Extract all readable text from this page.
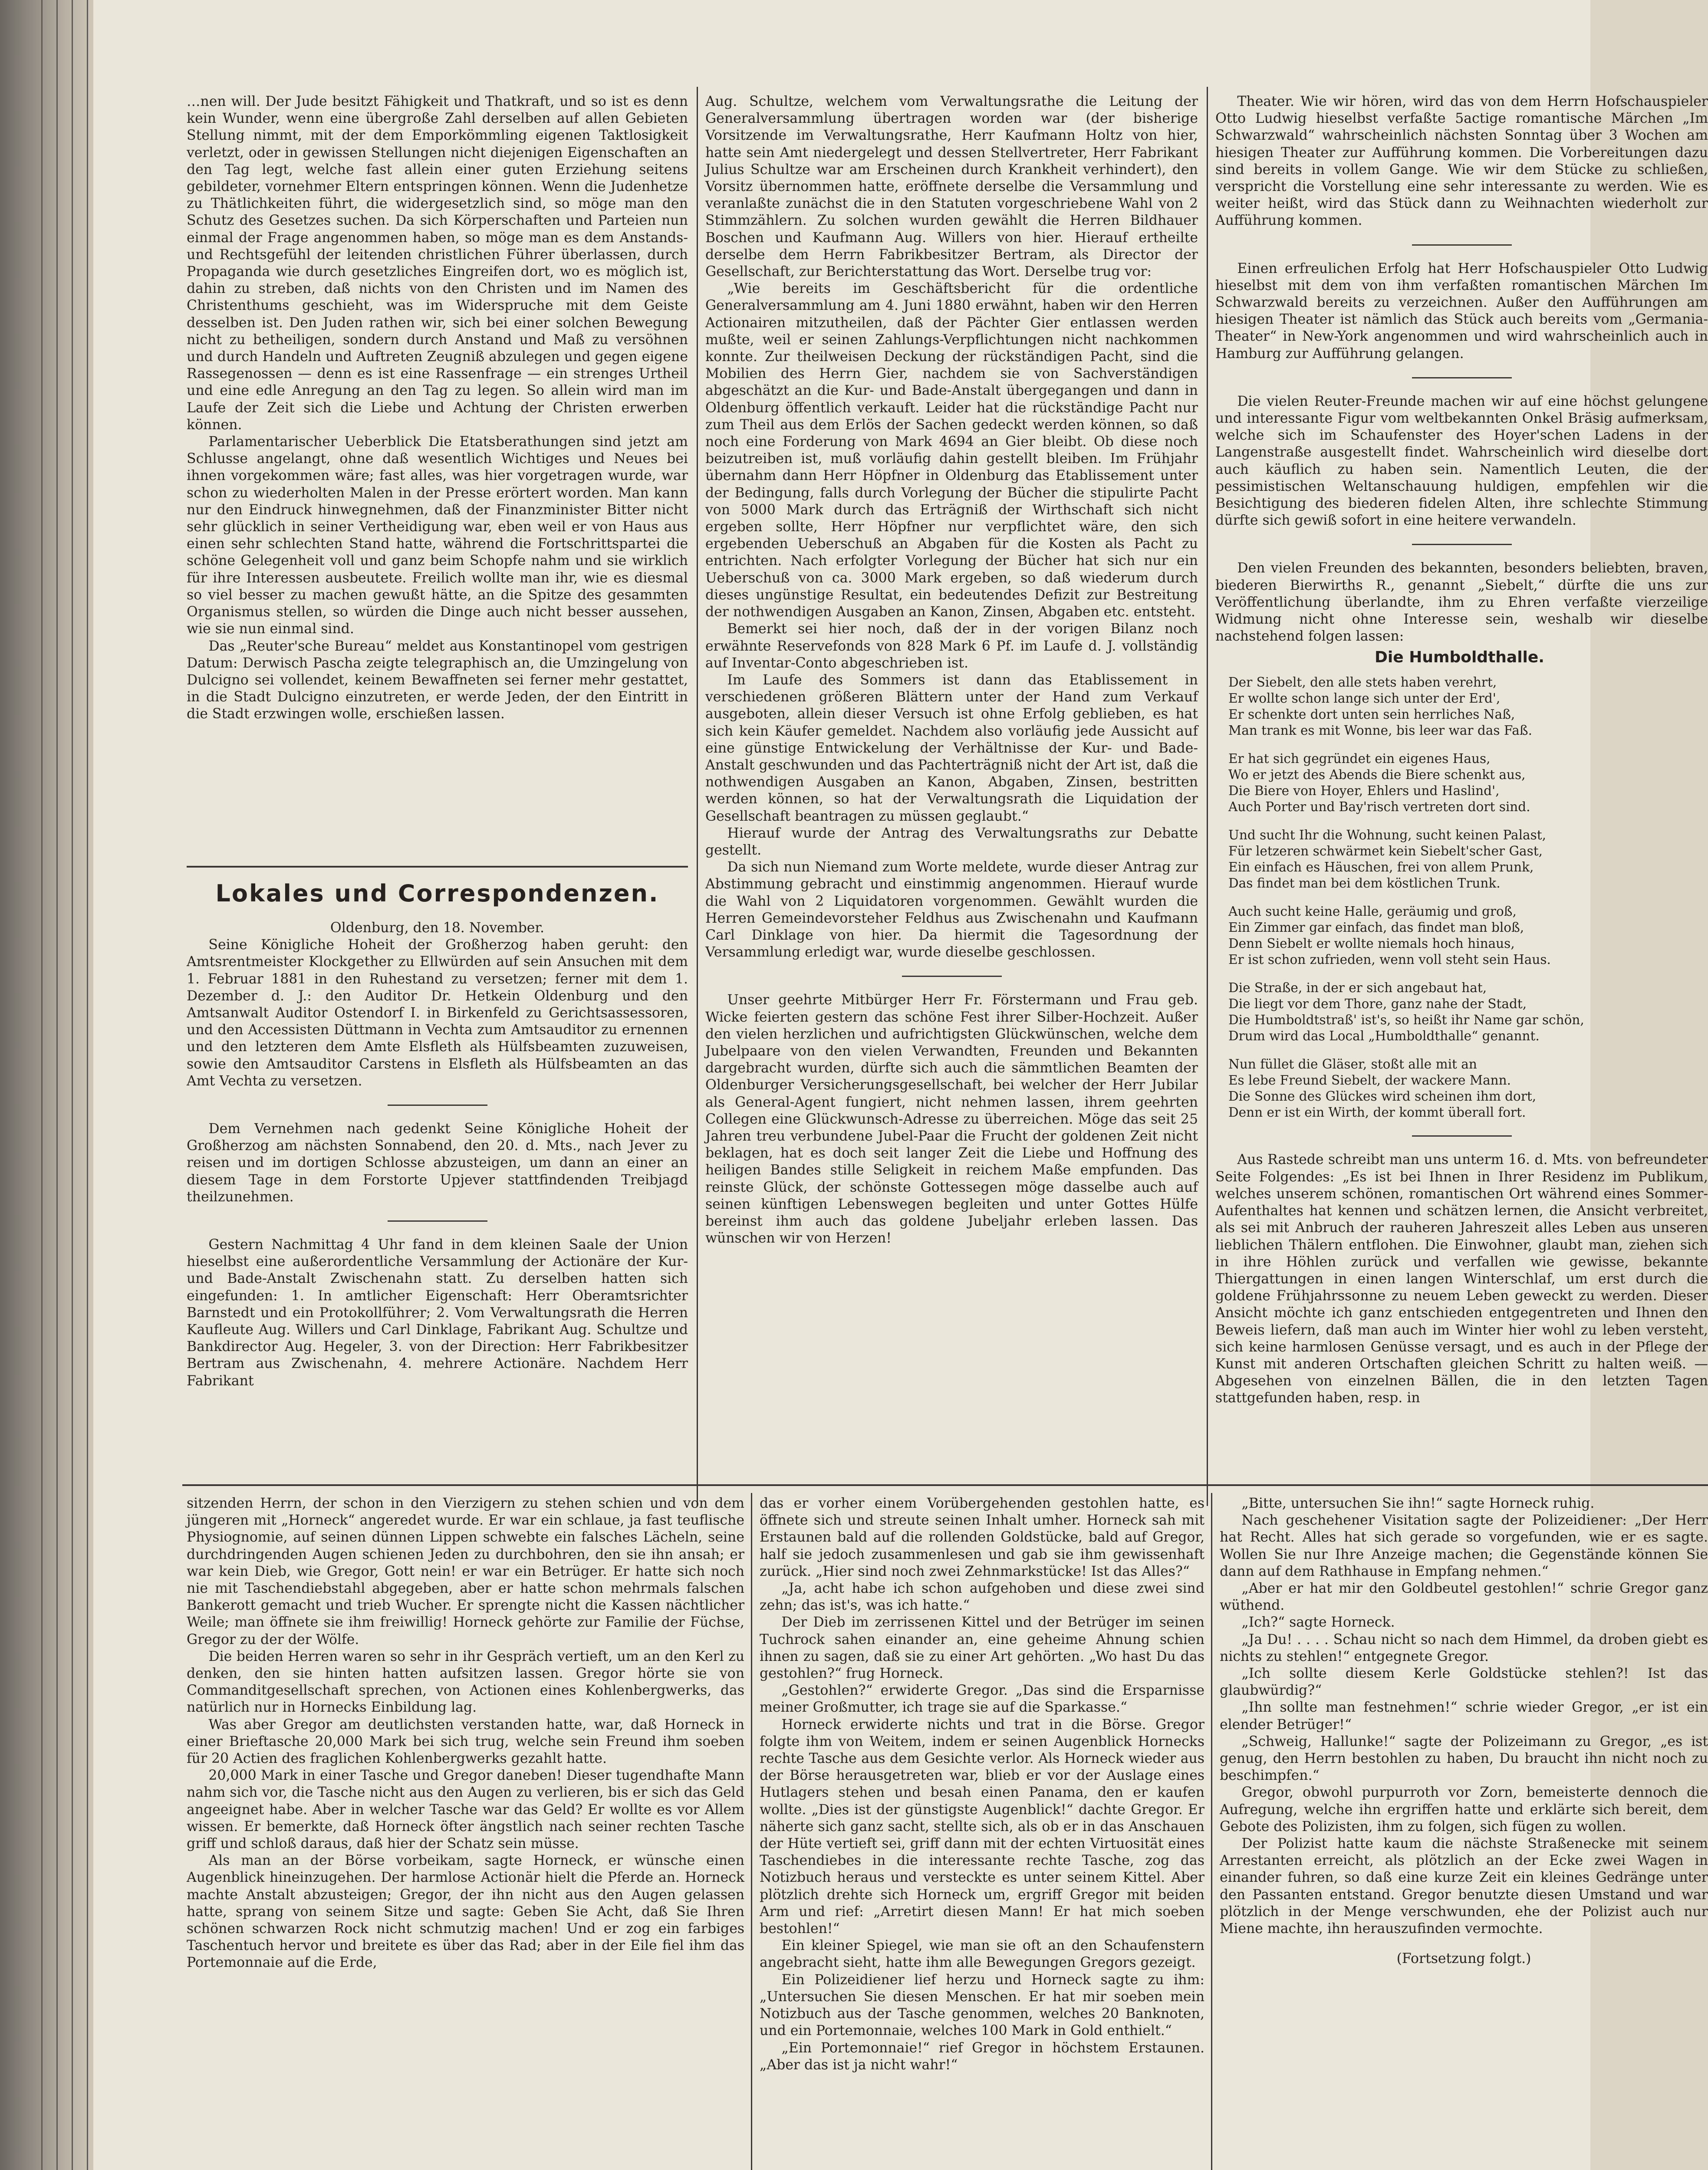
…nen will. Der Jude besitzt Fähigkeit und Thatkraft, und so ist es denn kein Wunder, wenn eine übergroße Zahl derselben auf allen Gebieten Stellung nimmt, mit der dem Emporkömmling eigenen Taktlosigkeit verletzt, oder in gewissen Stellungen nicht diejenigen Eigenschaften an den Tag legt, welche fast allein einer guten Erziehung seitens gebildeter, vornehmer Eltern entspringen können. Wenn die Judenhetze zu Thätlichkeiten führt, die widergesetzlich sind, so möge man den Schutz des Gesetzes suchen. Da sich Körperschaften und Parteien nun einmal der Frage angenommen haben, so möge man es dem Anstands- und Rechtsgefühl der leitenden christlichen Führer überlassen, durch Propaganda wie durch gesetzliches Eingreifen dort, wo es möglich ist, dahin zu streben, daß nichts von den Christen und im Namen des Christenthums geschieht, was im Widerspruche mit dem Geiste desselben ist. Den Juden rathen wir, sich bei einer solchen Bewegung nicht zu betheiligen, sondern durch Anstand und Maß zu versöhnen und durch Handeln und Auftreten Zeugniß abzulegen und gegen eigene Rassegenossen — denn es ist eine Rassenfrage — ein strenges Urtheil und eine edle Anregung an den Tag zu legen. So allein wird man im Laufe der Zeit sich die Liebe und Achtung der Christen erwerben können.

Parlamentarischer Ueberblick Die Etatsberathungen sind jetzt am Schlusse angelangt, ohne daß wesentlich Wichtiges und Neues bei ihnen vorgekommen wäre; fast alles, was hier vorgetragen wurde, war schon zu wiederholten Malen in der Presse erörtert worden. Man kann nur den Eindruck hinwegnehmen, daß der Finanzminister Bitter nicht sehr glücklich in seiner Vertheidigung war, eben weil er von Haus aus einen sehr schlechten Stand hatte, während die Fortschrittspartei die schöne Gelegenheit voll und ganz beim Schopfe nahm und sie wirklich für ihre Interessen ausbeutete. Freilich wollte man ihr, wie es diesmal so viel besser zu machen gewußt hätte, an die Spitze des gesammten Organismus stellen, so würden die Dinge auch nicht besser aussehen, wie sie nun einmal sind.

Das „Reuter'sche Bureau“ meldet aus Konstantinopel vom gestrigen Datum: Derwisch Pascha zeigte telegraphisch an, die Umzingelung von Dulcigno sei vollendet, keinem Bewaffneten sei ferner mehr gestattet, in die Stadt Dulcigno einzutreten, er werde Jeden, der den Eintritt in die Stadt erzwingen wolle, erschießen lassen.

Lokales und Correspondenzen.

Oldenburg, den 18. November.

Seine Königliche Hoheit der Großherzog haben geruht: den Amtsrentmeister Klockgether zu Ellwürden auf sein Ansuchen mit dem 1. Februar 1881 in den Ruhestand zu versetzen; ferner mit dem 1. Dezember d. J.: den Auditor Dr. Hetkein Oldenburg und den Amtsanwalt Auditor Ostendorf I. in Birkenfeld zu Gerichtsassessoren, und den Accessisten Düttmann in Vechta zum Amtsauditor zu ernennen und den letzteren dem Amte Elsfleth als Hülfsbeamten zuzuweisen, sowie den Amtsauditor Carstens in Elsfleth als Hülfsbeamten an das Amt Vechta zu versetzen.

Dem Vernehmen nach gedenkt Seine Königliche Hoheit der Großherzog am nächsten Sonnabend, den 20. d. Mts., nach Jever zu reisen und im dortigen Schlosse abzusteigen, um dann an einer an diesem Tage in dem Forstorte Upjever stattfindenden Treibjagd theilzunehmen.

Gestern Nachmittag 4 Uhr fand in dem kleinen Saale der Union hieselbst eine außerordentliche Versammlung der Actionäre der Kur- und Bade-Anstalt Zwischenahn statt. Zu derselben hatten sich eingefunden: 1. In amtlicher Eigenschaft: Herr Oberamtsrichter Barnstedt und ein Protokollführer; 2. Vom Verwaltungsrath die Herren Kaufleute Aug. Willers und Carl Dinklage, Fabrikant Aug. Schultze und Bankdirector Aug. Hegeler, 3. von der Direction: Herr Fabrikbesitzer Bertram aus Zwischenahn, 4. mehrere Actionäre. Nachdem Herr Fabrikant

Aug. Schultze, welchem vom Verwaltungsrathe die Leitung der Generalversammlung übertragen worden war (der bisherige Vorsitzende im Verwaltungsrathe, Herr Kaufmann Holtz von hier, hatte sein Amt niedergelegt und dessen Stellvertreter, Herr Fabrikant Julius Schultze war am Erscheinen durch Krankheit verhindert), den Vorsitz übernommen hatte, eröffnete derselbe die Versammlung und veranlaßte zunächst die in den Statuten vorgeschriebene Wahl von 2 Stimmzählern. Zu solchen wurden gewählt die Herren Bildhauer Boschen und Kaufmann Aug. Willers von hier. Hierauf ertheilte derselbe dem Herrn Fabrikbesitzer Bertram, als Director der Gesellschaft, zur Berichterstattung das Wort. Derselbe trug vor:

„Wie bereits im Geschäftsbericht für die ordentliche Generalversammlung am 4. Juni 1880 erwähnt, haben wir den Herren Actionairen mitzutheilen, daß der Pächter Gier entlassen werden mußte, weil er seinen Zahlungs-Verpflichtungen nicht nachkommen konnte. Zur theilweisen Deckung der rückständigen Pacht, sind die Mobilien des Herrn Gier, nachdem sie von Sachverständigen abgeschätzt an die Kur- und Bade-Anstalt übergegangen und dann in Oldenburg öffentlich verkauft. Leider hat die rückständige Pacht nur zum Theil aus dem Erlös der Sachen gedeckt werden können, so daß noch eine Forderung von Mark 4694 an Gier bleibt. Ob diese noch beizutreiben ist, muß vorläufig dahin gestellt bleiben. Im Frühjahr übernahm dann Herr Höpfner in Oldenburg das Etablissement unter der Bedingung, falls durch Vorlegung der Bücher die stipulirte Pacht von 5000 Mark durch das Erträgniß der Wirthschaft sich nicht ergeben sollte, Herr Höpfner nur verpflichtet wäre, den sich ergebenden Ueberschuß an Abgaben für die Kosten als Pacht zu entrichten. Nach erfolgter Vorlegung der Bücher hat sich nur ein Ueberschuß von ca. 3000 Mark ergeben, so daß wiederum durch dieses ungünstige Resultat, ein bedeutendes Defizit zur Bestreitung der nothwendigen Ausgaben an Kanon, Zinsen, Abgaben etc. entsteht.

Bemerkt sei hier noch, daß der in der vorigen Bilanz noch erwähnte Reservefonds von 828 Mark 6 Pf. im Laufe d. J. vollständig auf Inventar-Conto abgeschrieben ist.

Im Laufe des Sommers ist dann das Etablissement in verschiedenen größeren Blättern unter der Hand zum Verkauf ausgeboten, allein dieser Versuch ist ohne Erfolg geblieben, es hat sich kein Käufer gemeldet. Nachdem also vorläufig jede Aussicht auf eine günstige Entwickelung der Verhältnisse der Kur- und Bade-Anstalt geschwunden und das Pachterträgniß nicht der Art ist, daß die nothwendigen Ausgaben an Kanon, Abgaben, Zinsen, bestritten werden können, so hat der Verwaltungsrath die Liquidation der Gesellschaft beantragen zu müssen geglaubt.“

Hierauf wurde der Antrag des Verwaltungsraths zur Debatte gestellt.

Da sich nun Niemand zum Worte meldete, wurde dieser Antrag zur Abstimmung gebracht und einstimmig angenommen. Hierauf wurde die Wahl von 2 Liquidatoren vorgenommen. Gewählt wurden die Herren Gemeindevorsteher Feldhus aus Zwischenahn und Kaufmann Carl Dinklage von hier. Da hiermit die Tagesordnung der Versammlung erledigt war, wurde dieselbe geschlossen.

Unser geehrte Mitbürger Herr Fr. Förstermann und Frau geb. Wicke feierten gestern das schöne Fest ihrer Silber-Hochzeit. Außer den vielen herzlichen und aufrichtigsten Glückwünschen, welche dem Jubelpaare von den vielen Verwandten, Freunden und Bekannten dargebracht wurden, dürfte sich auch die sämmtlichen Beamten der Oldenburger Versicherungsgesellschaft, bei welcher der Herr Jubilar als General-Agent fungiert, nicht nehmen lassen, ihrem geehrten Collegen eine Glückwunsch-Adresse zu überreichen. Möge das seit 25 Jahren treu verbundene Jubel-Paar die Frucht der goldenen Zeit nicht beklagen, hat es doch seit langer Zeit die Liebe und Hoffnung des heiligen Bandes stille Seligkeit in reichem Maße empfunden. Das reinste Glück, der schönste Gottessegen möge dasselbe auch auf seinen künftigen Lebenswegen begleiten und unter Gottes Hülfe bereinst ihm auch das goldene Jubeljahr erleben lassen. Das wünschen wir von Herzen!

Theater. Wie wir hören, wird das von dem Herrn Hofschauspieler Otto Ludwig hieselbst verfaßte 5actige romantische Märchen „Im Schwarzwald“ wahrscheinlich nächsten Sonntag über 3 Wochen am hiesigen Theater zur Aufführung kommen. Die Vorbereitungen dazu sind bereits in vollem Gange. Wie wir dem Stücke zu schließen, verspricht die Vorstellung eine sehr interessante zu werden. Wie es weiter heißt, wird das Stück dann zu Weihnachten wiederholt zur Aufführung kommen.

Einen erfreulichen Erfolg hat Herr Hofschauspieler Otto Ludwig hieselbst mit dem von ihm verfaßten romantischen Märchen Im Schwarzwald bereits zu verzeichnen. Außer den Aufführungen am hiesigen Theater ist nämlich das Stück auch bereits vom „Germania-Theater“ in New-York angenommen und wird wahrscheinlich auch in Hamburg zur Aufführung gelangen.

Die vielen Reuter-Freunde machen wir auf eine höchst gelungene und interessante Figur vom weltbekannten Onkel Bräsig aufmerksam, welche sich im Schaufenster des Hoyer'schen Ladens in der Langenstraße ausgestellt findet. Wahrscheinlich wird dieselbe dort auch käuflich zu haben sein. Namentlich Leuten, die der pessimistischen Weltanschauung huldigen, empfehlen wir die Besichtigung des biederen fidelen Alten, ihre schlechte Stimmung dürfte sich gewiß sofort in eine heitere verwandeln.

Den vielen Freunden des bekannten, besonders beliebten, braven, biederen Bierwirths R., genannt „Siebelt,“ dürfte die uns zur Veröffentlichung überlandte, ihm zu Ehren verfaßte vierzeilige Widmung nicht ohne Interesse sein, weshalb wir dieselbe nachstehend folgen lassen:

Die Humboldthalle.
Der Siebelt, den alle stets haben verehrt,
Er wollte schon lange sich unter der Erd',
Er schenkte dort unten sein herrliches Naß,
Man trank es mit Wonne, bis leer war das Faß.
Er hat sich gegründet ein eigenes Haus,
Wo er jetzt des Abends die Biere schenkt aus,
Die Biere von Hoyer, Ehlers und Haslind',
Auch Porter und Bay'risch vertreten dort sind.
Und sucht Ihr die Wohnung, sucht keinen Palast,
Für letzeren schwärmet kein Siebelt'scher Gast,
Ein einfach es Häuschen, frei von allem Prunk,
Das findet man bei dem köstlichen Trunk.
Auch sucht keine Halle, geräumig und groß,
Ein Zimmer gar einfach, das findet man bloß,
Denn Siebelt er wollte niemals hoch hinaus,
Er ist schon zufrieden, wenn voll steht sein Haus.
Die Straße, in der er sich angebaut hat,
Die liegt vor dem Thore, ganz nahe der Stadt,
Die Humboldtstraß' ist's, so heißt ihr Name gar schön,
Drum wird das Local „Humboldthalle“ genannt.
Nun füllet die Gläser, stoßt alle mit an
Es lebe Freund Siebelt, der wackere Mann.
Die Sonne des Glückes wird scheinen ihm dort,
Denn er ist ein Wirth, der kommt überall fort.

Aus Rastede schreibt man uns unterm 16. d. Mts. von befreundeter Seite Folgendes: „Es ist bei Ihnen in Ihrer Residenz im Publikum, welches unserem schönen, romantischen Ort während eines Sommer-Aufenthaltes hat kennen und schätzen lernen, die Ansicht verbreitet, als sei mit Anbruch der rauheren Jahreszeit alles Leben aus unseren lieblichen Thälern entflohen. Die Einwohner, glaubt man, ziehen sich in ihre Höhlen zurück und verfallen wie gewisse, bekannte Thiergattungen in einen langen Winterschlaf, um erst durch die goldene Frühjahrssonne zu neuem Leben geweckt zu werden. Dieser Ansicht möchte ich ganz entschieden entgegentreten und Ihnen den Beweis liefern, daß man auch im Winter hier wohl zu leben versteht, sich keine harmlosen Genüsse versagt, und es auch in der Pflege der Kunst mit anderen Ortschaften gleichen Schritt zu halten weiß. — Abgesehen von einzelnen Bällen, die in den letzten Tagen stattgefunden haben, resp. in

sitzenden Herrn, der schon in den Vierzigern zu stehen schien und von dem jüngeren mit „Horneck“ angeredet wurde. Er war ein schlaue, ja fast teuflische Physiognomie, auf seinen dünnen Lippen schwebte ein falsches Lächeln, seine durchdringenden Augen schienen Jeden zu durchbohren, den sie ihn ansah; er war kein Dieb, wie Gregor, Gott nein! er war ein Betrüger. Er hatte sich noch nie mit Taschendiebstahl abgegeben, aber er hatte schon mehrmals falschen Bankerott gemacht und trieb Wucher. Er sprengte nicht die Kassen nächtlicher Weile; man öffnete sie ihm freiwillig! Horneck gehörte zur Familie der Füchse, Gregor zu der der Wölfe.

Die beiden Herren waren so sehr in ihr Gespräch vertieft, um an den Kerl zu denken, den sie hinten hatten aufsitzen lassen. Gregor hörte sie von Commanditgesellschaft sprechen, von Actionen eines Kohlenbergwerks, das natürlich nur in Hornecks Einbildung lag.

Was aber Gregor am deutlichsten verstanden hatte, war, daß Horneck in einer Brieftasche 20,000 Mark bei sich trug, welche sein Freund ihm soeben für 20 Actien des fraglichen Kohlenbergwerks gezahlt hatte.

20,000 Mark in einer Tasche und Gregor daneben! Dieser tugendhafte Mann nahm sich vor, die Tasche nicht aus den Augen zu verlieren, bis er sich das Geld angeeignet habe. Aber in welcher Tasche war das Geld? Er wollte es vor Allem wissen. Er bemerkte, daß Horneck öfter ängstlich nach seiner rechten Tasche griff und schloß daraus, daß hier der Schatz sein müsse.

Als man an der Börse vorbeikam, sagte Horneck, er wünsche einen Augenblick hineinzugehen. Der harmlose Actionär hielt die Pferde an. Horneck machte Anstalt abzusteigen; Gregor, der ihn nicht aus den Augen gelassen hatte, sprang von seinem Sitze und sagte: Geben Sie Acht, daß Sie Ihren schönen schwarzen Rock nicht schmutzig machen! Und er zog ein farbiges Taschentuch hervor und breitete es über das Rad; aber in der Eile fiel ihm das Portemonnaie auf die Erde,

das er vorher einem Vorübergehenden gestohlen hatte, es öffnete sich und streute seinen Inhalt umher. Horneck sah mit Erstaunen bald auf die rollenden Goldstücke, bald auf Gregor, half sie jedoch zusammenlesen und gab sie ihm gewissenhaft zurück. „Hier sind noch zwei Zehnmarkstücke! Ist das Alles?“

„Ja, acht habe ich schon aufgehoben und diese zwei sind zehn; das ist's, was ich hatte.“

Der Dieb im zerrissenen Kittel und der Betrüger im seinen Tuchrock sahen einander an, eine geheime Ahnung schien ihnen zu sagen, daß sie zu einer Art gehörten. „Wo hast Du das gestohlen?“ frug Horneck.

„Gestohlen?“ erwiderte Gregor. „Das sind die Ersparnisse meiner Großmutter, ich trage sie auf die Sparkasse.“

Horneck erwiderte nichts und trat in die Börse. Gregor folgte ihm von Weitem, indem er seinen Augenblick Hornecks rechte Tasche aus dem Gesichte verlor. Als Horneck wieder aus der Börse herausgetreten war, blieb er vor der Auslage eines Hutlagers stehen und besah einen Panama, den er kaufen wollte. „Dies ist der günstigste Augenblick!“ dachte Gregor. Er näherte sich ganz sacht, stellte sich, als ob er in das Anschauen der Hüte vertieft sei, griff dann mit der echten Virtuosität eines Taschendiebes in die interessante rechte Tasche, zog das Notizbuch heraus und versteckte es unter seinem Kittel. Aber plötzlich drehte sich Horneck um, ergriff Gregor mit beiden Arm und rief: „Arretirt diesen Mann! Er hat mich soeben bestohlen!“

Ein kleiner Spiegel, wie man sie oft an den Schaufenstern angebracht sieht, hatte ihm alle Bewegungen Gregors gezeigt.

Ein Polizeidiener lief herzu und Horneck sagte zu ihm: „Untersuchen Sie diesen Menschen. Er hat mir soeben mein Notizbuch aus der Tasche genommen, welches 20 Banknoten, und ein Portemonnaie, welches 100 Mark in Gold enthielt.“

„Ein Portemonnaie!“ rief Gregor in höchstem Erstaunen. „Aber das ist ja nicht wahr!“

„Bitte, untersuchen Sie ihn!“ sagte Horneck ruhig.

Nach geschehener Visitation sagte der Polizeidiener: „Der Herr hat Recht. Alles hat sich gerade so vorgefunden, wie er es sagte. Wollen Sie nur Ihre Anzeige machen; die Gegenstände können Sie dann auf dem Rathhause in Empfang nehmen.“

„Aber er hat mir den Goldbeutel gestohlen!“ schrie Gregor ganz wüthend.

„Ich?“ sagte Horneck.

„Ja Du! . . . . Schau nicht so nach dem Himmel, da droben giebt es nichts zu stehlen!“ entgegnete Gregor.

„Ich sollte diesem Kerle Goldstücke stehlen?! Ist das glaubwürdig?“

„Ihn sollte man festnehmen!“ schrie wieder Gregor, „er ist ein elender Betrüger!“

„Schweig, Hallunke!“ sagte der Polizeimann zu Gregor, „es ist genug, den Herrn bestohlen zu haben, Du braucht ihn nicht noch zu beschimpfen.“

Gregor, obwohl purpurroth vor Zorn, bemeisterte dennoch die Aufregung, welche ihn ergriffen hatte und erklärte sich bereit, dem Gebote des Polizisten, ihm zu folgen, sich fügen zu wollen.

Der Polizist hatte kaum die nächste Straßenecke mit seinem Arrestanten erreicht, als plötzlich an der Ecke zwei Wagen in einander fuhren, so daß eine kurze Zeit ein kleines Gedränge unter den Passanten entstand. Gregor benutzte diesen Umstand und war plötzlich in der Menge verschwunden, ehe der Polizist auch nur Miene machte, ihn herauszufinden vermochte.

(Fortsetzung folgt.)
